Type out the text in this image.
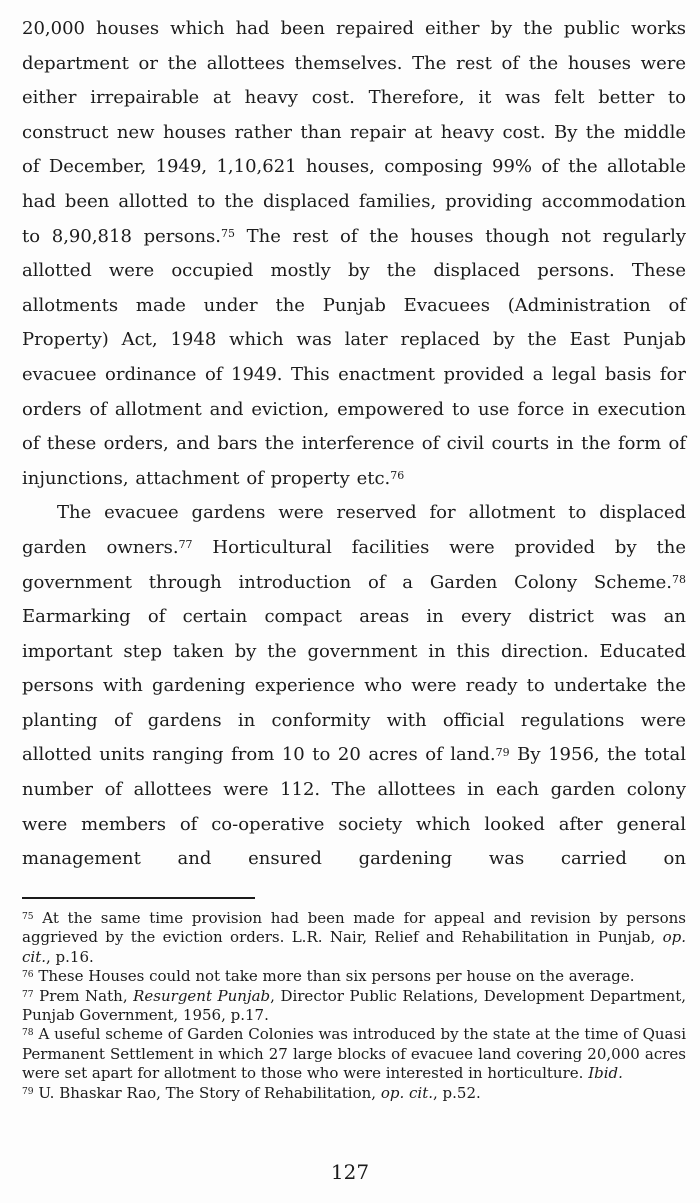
20,000 houses which had been repaired either by the public works department or the allottees themselves. The rest of the houses were either irrepairable at heavy cost. Therefore, it was felt better to construct new houses rather than repair at heavy cost. By the middle of December, 1949, 1,10,621 houses, composing 99% of the allotable had been allotted to the displaced families, providing accommodation to 8,90,818 persons.$^{75}$ The rest of the houses though not regularly allotted were occupied mostly by the displaced persons. These allotments made under the Punjab Evacuees (Administration of Property) Act, 1948 which was later replaced by the East Punjab evacuee ordinance of 1949. This enactment provided a legal basis for orders of allotment and eviction, empowered to use force in execution of these orders, and bars the interference of civil courts in the form of injunctions, attachment of property etc.$^{76}$

The evacuee gardens were reserved for allotment to displaced garden owners.$^{77}$ Horticultural facilities were provided by the government through introduction of a Garden Colony Scheme.$^{78}$ Earmarking of certain compact areas in every district was an important step taken by the government in this direction. Educated persons with gardening experience who were ready to undertake the planting of gardens in conformity with official regulations were allotted units ranging from 10 to 20 acres of land.$^{79}$ By 1956, the total number of allottees were 112. The allottees in each garden colony were members of co-operative society which looked after general management and ensured gardening was carried on

$^{75}$ At the same time provision had been made for appeal and revision by persons aggrieved by the eviction orders. L.R. Nair, Relief and Rehabilitation in Punjab, op. cit., p.16.
$^{76}$ These Houses could not take more than six persons per house on the average.
$^{77}$ Prem Nath, Resurgent Punjab, Director Public Relations, Development Department, Punjab Government, 1956, p.17.
$^{78}$ A useful scheme of Garden Colonies was introduced by the state at the time of Quasi Permanent Settlement in which 27 large blocks of evacuee land covering 20,000 acres were set apart for allotment to those who were interested in horticulture. Ibid.
$^{79}$ U. Bhaskar Rao, The Story of Rehabilitation, op. cit., p.52.
127
